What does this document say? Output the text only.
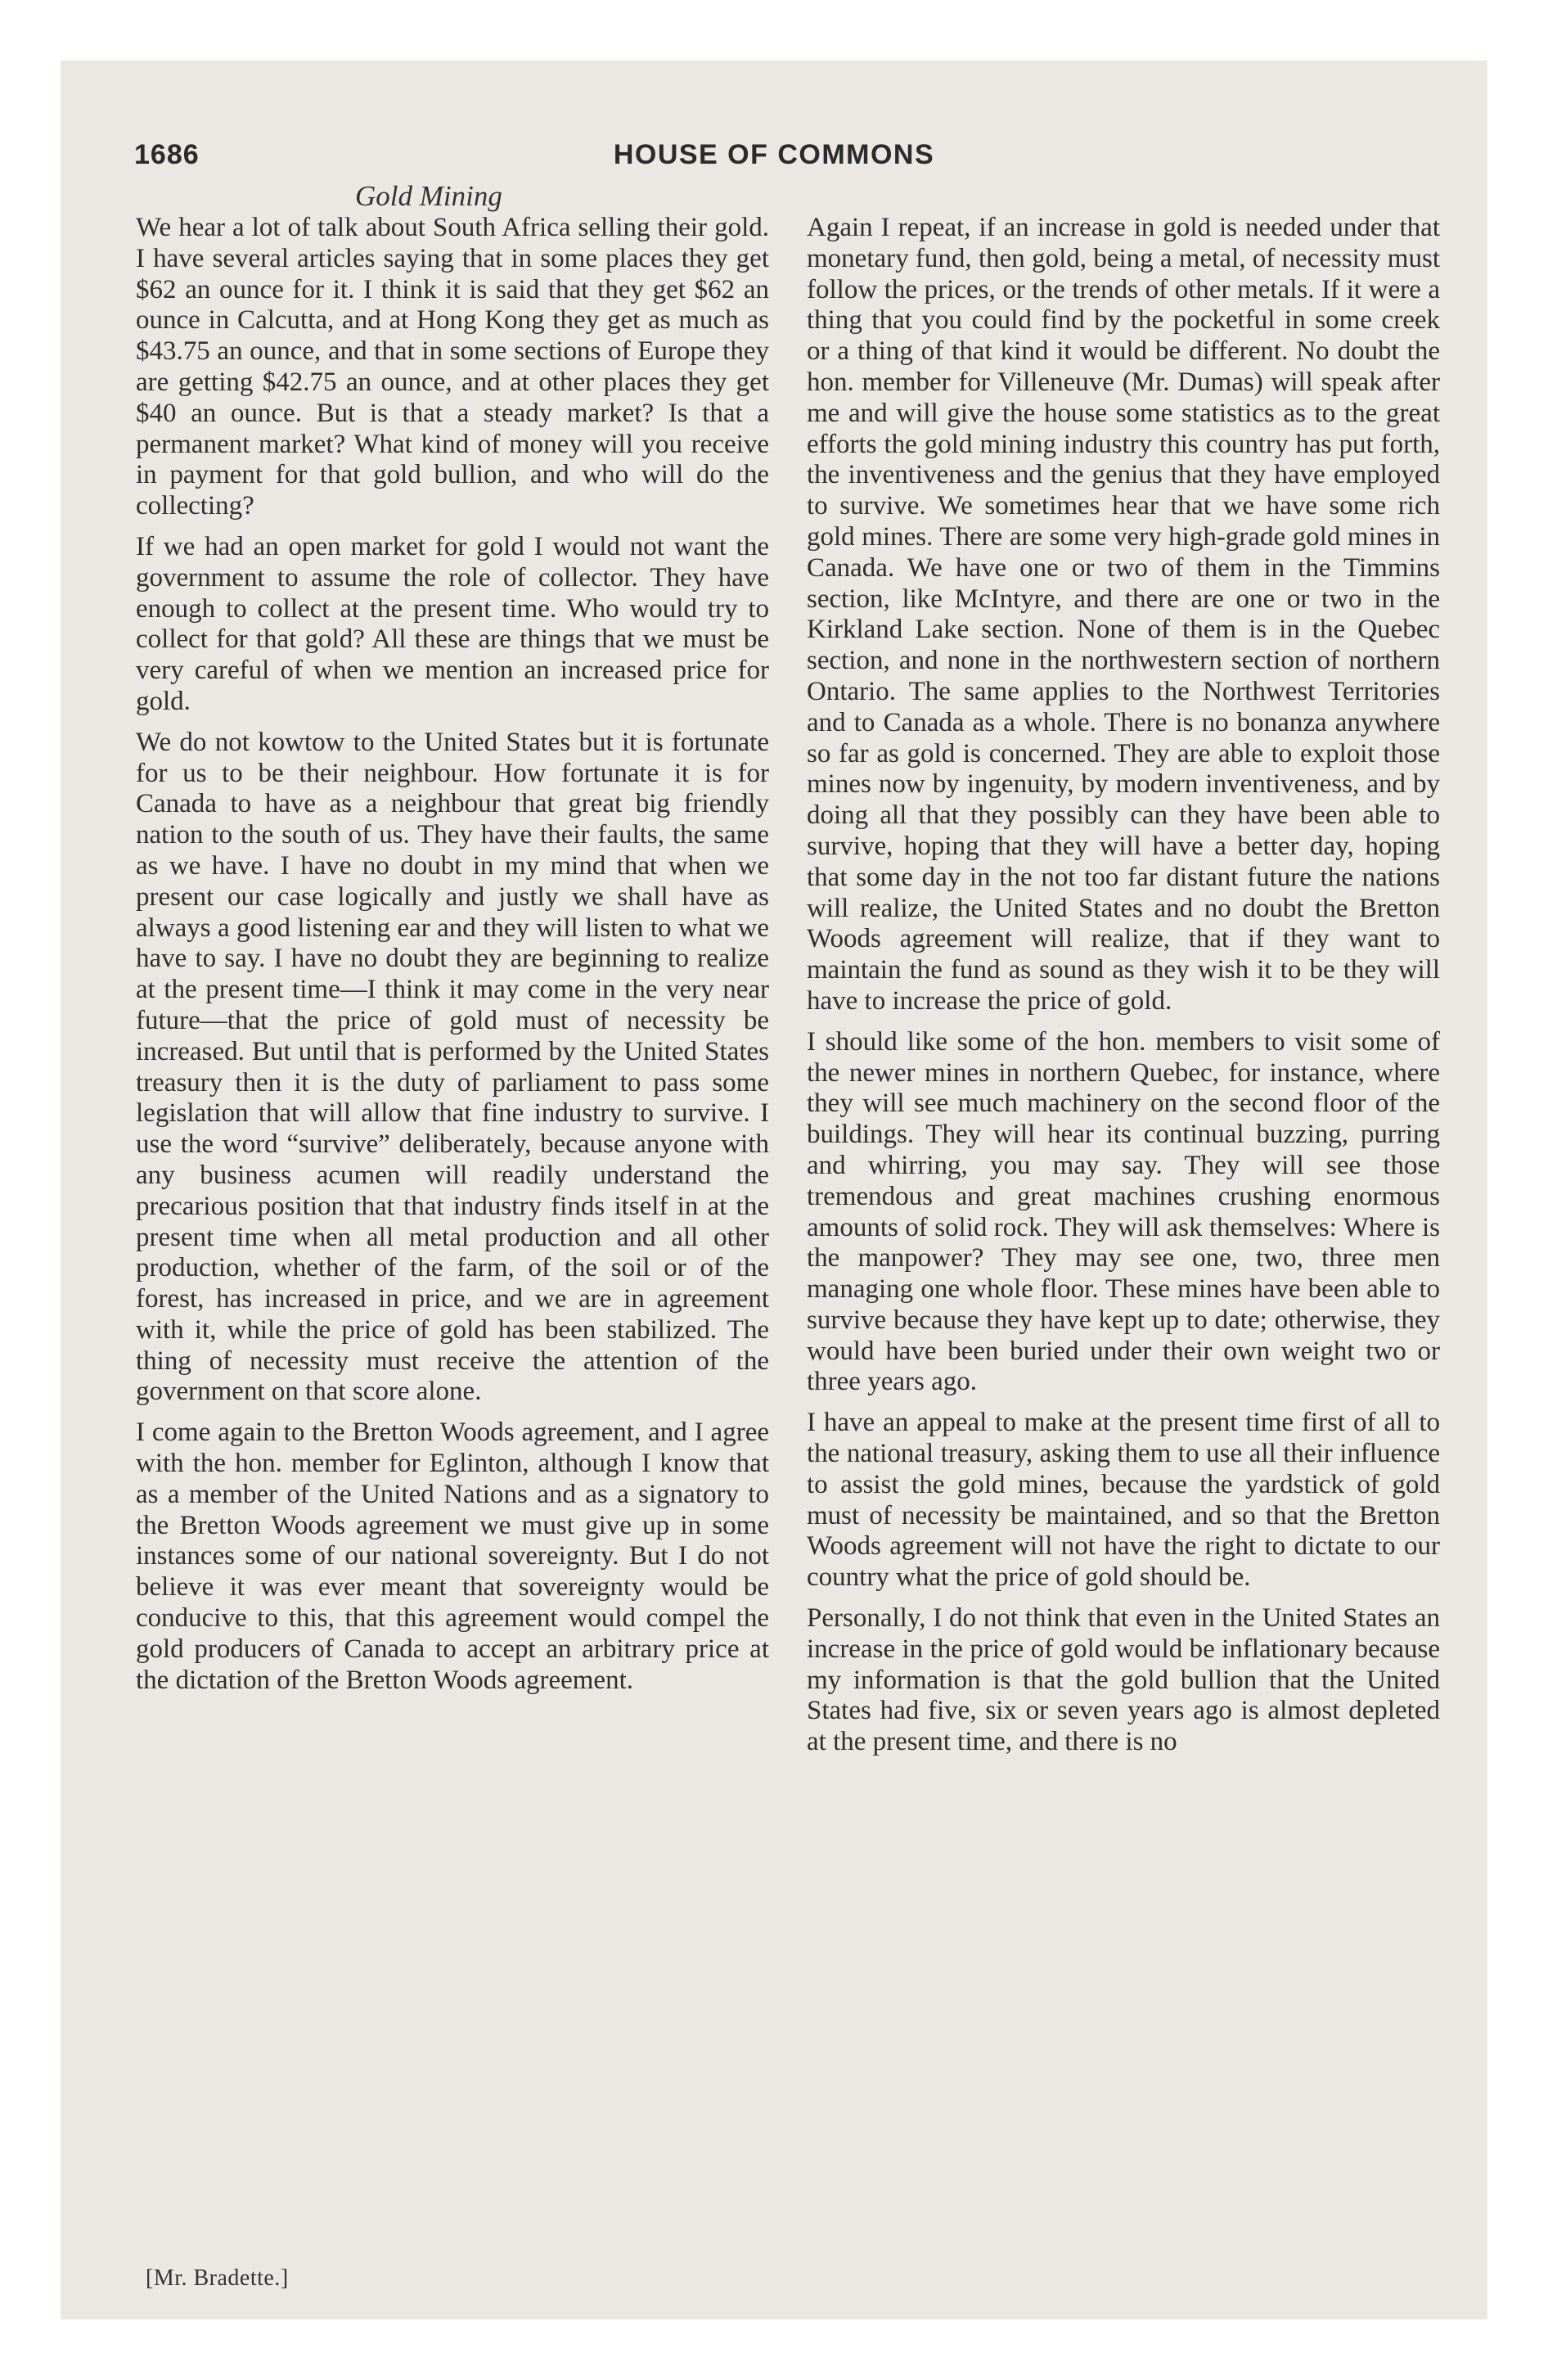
1686	HOUSE OF COMMONS
Gold Mining

We hear a lot of talk about South Africa selling their gold. I have several articles saying that in some places they get $62 an ounce for it. I think it is said that they get $62 an ounce in Calcutta, and at Hong Kong they get as much as $43.75 an ounce, and that in some sections of Europe they are getting $42.75 an ounce, and at other places they get $40 an ounce. But is that a steady market? Is that a permanent market? What kind of money will you receive in payment for that gold bullion, and who will do the collecting?

If we had an open market for gold I would not want the government to assume the role of collector. They have enough to collect at the present time. Who would try to collect for that gold? All these are things that we must be very careful of when we mention an increased price for gold.

We do not kowtow to the United States but it is fortunate for us to be their neighbour. How fortunate it is for Canada to have as a neighbour that great big friendly nation to the south of us. They have their faults, the same as we have. I have no doubt in my mind that when we present our case logically and justly we shall have as always a good listening ear and they will listen to what we have to say. I have no doubt they are beginning to realize at the present time—I think it may come in the very near future—that the price of gold must of necessity be increased. But until that is performed by the United States treasury then it is the duty of parliament to pass some legislation that will allow that fine industry to survive. I use the word “survive” deliberately, because anyone with any business acumen will readily understand the precarious position that that industry finds itself in at the present time when all metal production and all other production, whether of the farm, of the soil or of the forest, has increased in price, and we are in agreement with it, while the price of gold has been stabilized. The thing of necessity must receive the attention of the government on that score alone.

I come again to the Bretton Woods agreement, and I agree with the hon. member for Eglinton, although I know that as a member of the United Nations and as a signatory to the Bretton Woods agreement we must give up in some instances some of our national sovereignty. But I do not believe it was ever meant that sovereignty would be conducive to this, that this agreement would compel the gold producers of Canada to accept an arbitrary price at the dictation of the Bretton Woods agreement.

Again I repeat, if an increase in gold is needed under that monetary fund, then gold, being a metal, of necessity must follow the prices, or the trends of other metals. If it were a thing that you could find by the pocketful in some creek or a thing of that kind it would be different. No doubt the hon. member for Villeneuve (Mr. Dumas) will speak after me and will give the house some statistics as to the great efforts the gold mining industry this country has put forth, the inventiveness and the genius that they have employed to survive. We sometimes hear that we have some rich gold mines. There are some very high-grade gold mines in Canada. We have one or two of them in the Timmins section, like McIntyre, and there are one or two in the Kirkland Lake section. None of them is in the Quebec section, and none in the northwestern section of northern Ontario. The same applies to the Northwest Territories and to Canada as a whole. There is no bonanza anywhere so far as gold is concerned. They are able to exploit those mines now by ingenuity, by modern inventiveness, and by doing all that they possibly can they have been able to survive, hoping that they will have a better day, hoping that some day in the not too far distant future the nations will realize, the United States and no doubt the Bretton Woods agreement will realize, that if they want to maintain the fund as sound as they wish it to be they will have to increase the price of gold.

I should like some of the hon. members to visit some of the newer mines in northern Quebec, for instance, where they will see much machinery on the second floor of the buildings. They will hear its continual buzzing, purring and whirring, you may say. They will see those tremendous and great machines crushing enormous amounts of solid rock. They will ask themselves: Where is the manpower? They may see one, two, three men managing one whole floor. These mines have been able to survive because they have kept up to date; otherwise, they would have been buried under their own weight two or three years ago.

I have an appeal to make at the present time first of all to the national treasury, asking them to use all their influence to assist the gold mines, because the yardstick of gold must of necessity be maintained, and so that the Bretton Woods agreement will not have the right to dictate to our country what the price of gold should be.

Personally, I do not think that even in the United States an increase in the price of gold would be inflationary because my information is that the gold bullion that the United States had five, six or seven years ago is almost depleted at the present time, and there is no

[Mr. Bradette.]
